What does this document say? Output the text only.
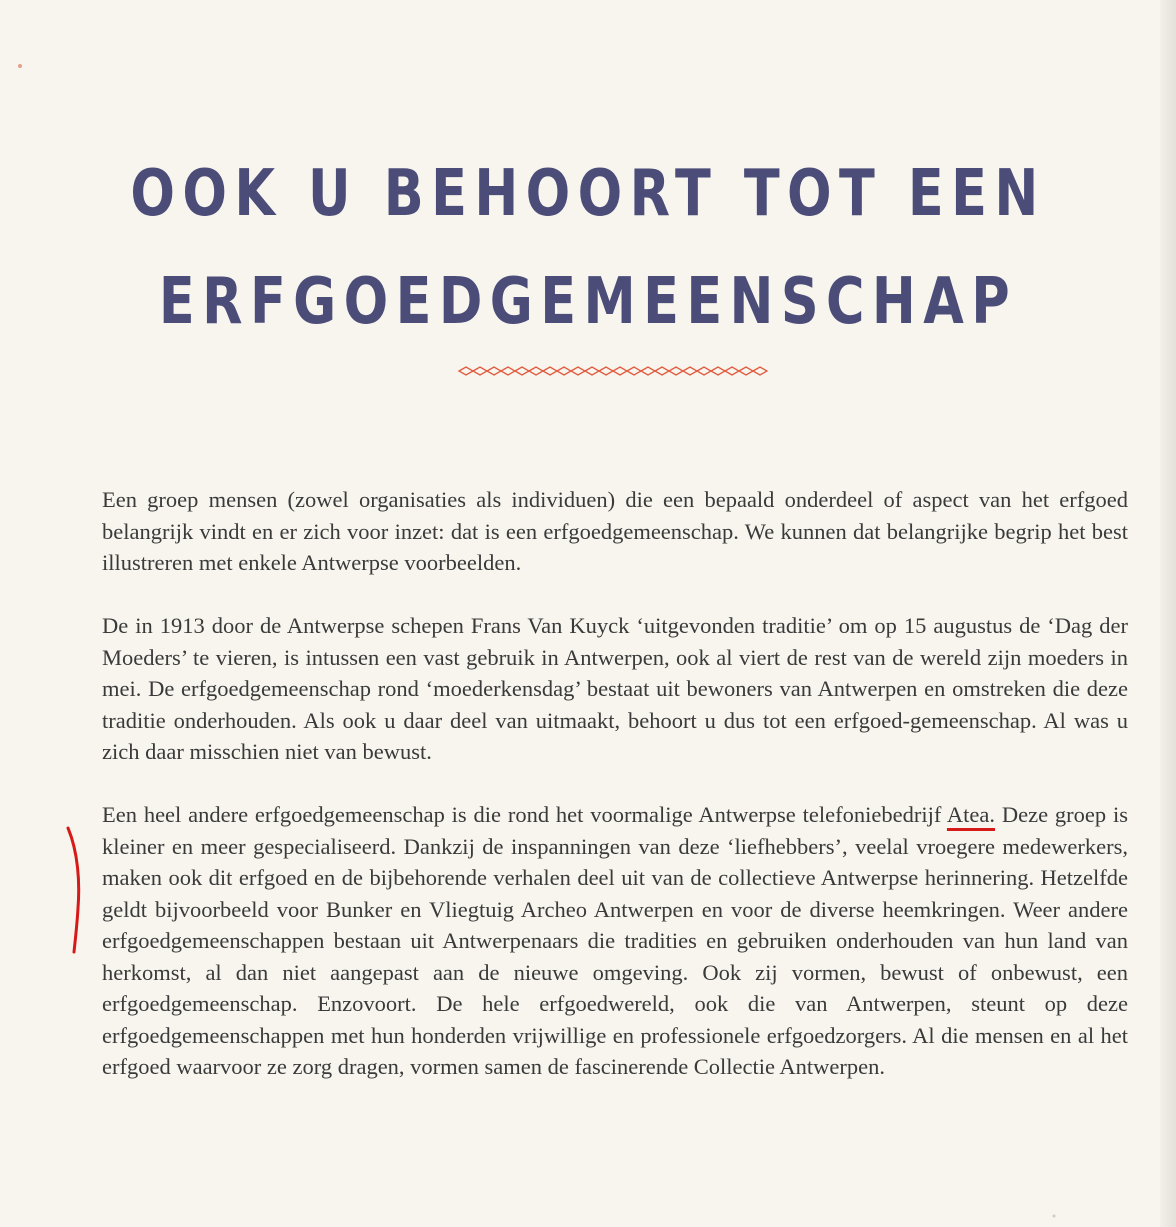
OOK U BEHOORT TOT EEN
ERFGOEDGEMEENSCHAP

Een groep mensen (zowel organisaties als individuen) die een bepaald onderdeel of aspect van het erfgoed belangrijk vindt en er zich voor inzet: dat is een erfgoedgemeenschap. We kunnen dat belangrijke begrip het best illustreren met enkele Antwerpse voorbeelden.

De in 1913 door de Antwerpse schepen Frans Van Kuyck ‘uitgevonden traditie’ om op 15 augustus de ‘Dag der Moeders’ te vieren, is intussen een vast gebruik in Antwerpen, ook al viert de rest van de wereld zijn moeders in mei. De erfgoedgemeenschap rond ‘moederkensdag’ bestaat uit bewoners van Antwerpen en omstreken die deze traditie onderhouden. Als ook u daar deel van uitmaakt, behoort u dus tot een erfgoed-gemeenschap. Al was u zich daar misschien niet van bewust.

Een heel andere erfgoedgemeenschap is die rond het voormalige Antwerpse telefoniebedrijf Atea. Deze groep is kleiner en meer gespecialiseerd. Dankzij de inspanningen van deze ‘liefhebbers’, veelal vroegere medewerkers, maken ook dit erfgoed en de bijbehorende verhalen deel uit van de collectieve Antwerpse herinnering. Hetzelfde geldt bijvoorbeeld voor Bunker en Vliegtuig Archeo Antwerpen en voor de diverse heemkringen. Weer andere erfgoedgemeenschappen bestaan uit Antwerpenaars die tradities en gebruiken onderhouden van hun land van herkomst, al dan niet aangepast aan de nieuwe omgeving. Ook zij vormen, bewust of onbewust, een erfgoedgemeenschap. Enzovoort. De hele erfgoedwereld, ook die van Antwerpen, steunt op deze erfgoedgemeenschappen met hun honderden vrijwillige en professionele erfgoedzorgers. Al die mensen en al het erfgoed waarvoor ze zorg dragen, vormen samen de fascinerende Collectie Antwerpen.
